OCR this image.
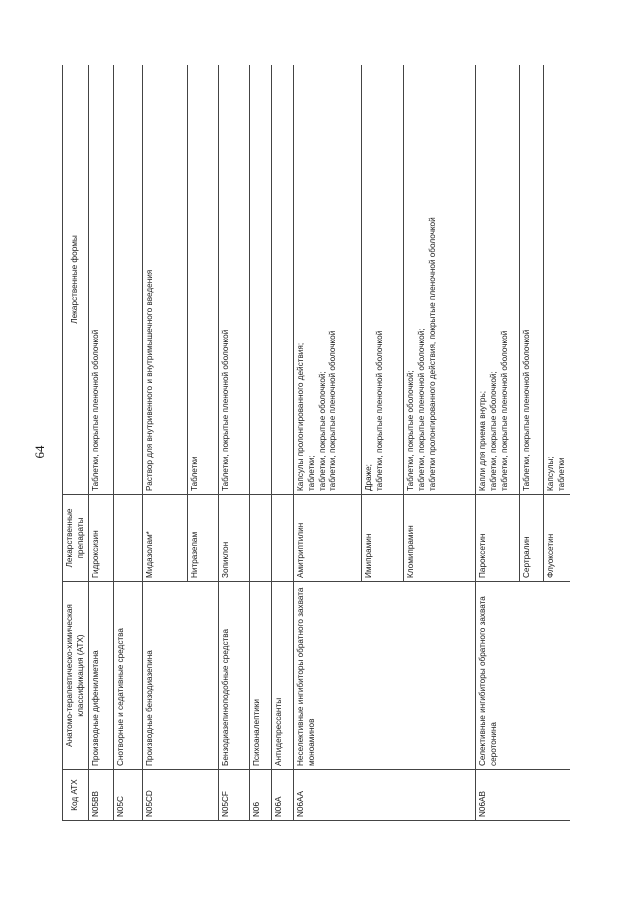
64
Код АТХ	Анатомо-терапевтическо-химическая классификация (АТХ)	Лекарственные препараты	Лекарственные формы
N05BB	Производные дифенилметана	Гидроксизин	Таблетки, покрытые пленочной оболочкой
N05C	Снотворные и седативные средства		
N05CD	Производные бензодиазепина	Мидазолам*	Раствор для внутривенного и внутримышечного введения
		Нитразепам	Таблетки
N05CF	Бензодиазепиноподобные средства	Зопиклон	Таблетки, покрытые пленочной оболочкой
N06	Психоаналептики		
N06A	Антидепрессанты		
N06AA	Неселективные ингибиторы обратного захвата моноаминов	Амитриптилин	Капсулы пролонгированного действия; таблетки; таблетки, покрытые оболочкой; таблетки, покрытые пленочной оболочкой

		Имипрамин	Драже; таблетки, покрытые пленочной оболочкой

		Кломипрамин	Таблетки, покрытые оболочкой; таблетки, покрытые пленочной оболочкой; таблетки пролонгированного действия, покрытые пленочной оболочкой

N06AB	Селективные ингибиторы обратного захвата серотонина	Пароксетин	Капли для приема внутрь; таблетки, покрытые оболочкой; таблетки, покрытые пленочной оболочкой

		Сертралин	Таблетки, покрытые пленочной оболочкой
		Флуоксетин	Капсулы; таблетки
